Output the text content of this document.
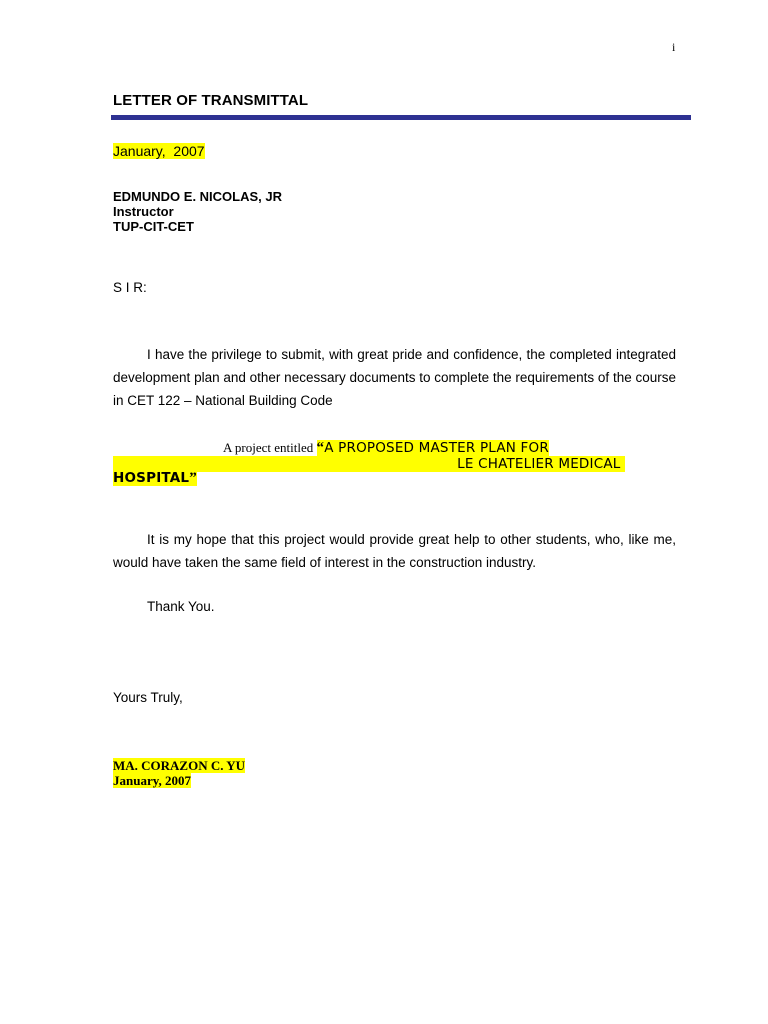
i
LETTER OF TRANSMITTAL
January,  2007
EDMUNDO E. NICOLAS, JR
Instructor
TUP-CIT-CET
S I R:
I have the privilege to submit, with great pride and confidence, the completed integrated development plan and other necessary documents to complete the requirements of the course in CET 122 – National Building Code
A project entitled “A PROPOSED MASTER PLAN FOR
LE CHATELIER MEDICAL
HOSPITAL”
It is my hope that this project would provide great help to other students, who, like me, would have taken the same field of interest in the construction industry.
Thank You.
Yours Truly,
MA. CORAZON C. YU
January, 2007
